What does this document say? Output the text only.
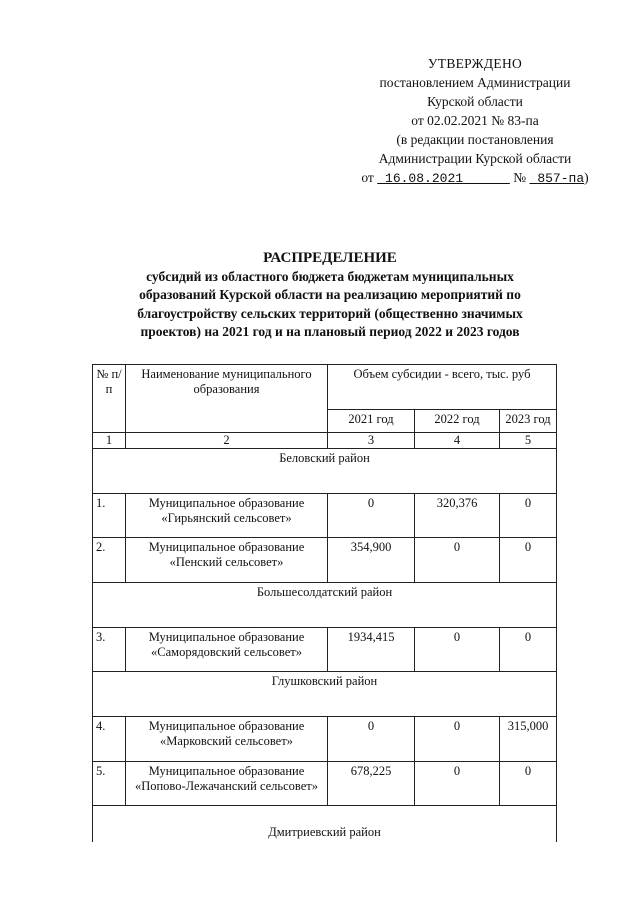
УТВЕРЖДЕНО
постановлением Администрации
Курской области
от 02.02.2021 № 83-па
(в редакции постановления
Администрации Курской области
от 16.08.2021	№ 857-па)
РАСПРЕДЕЛЕНИЕ
субсидий из областного бюджета бюджетам муниципальных
образований Курской области на реализацию мероприятий по
благоустройству сельских территорий (общественно значимых
проектов) на 2021 год и на плановый период 2022 и 2023 годов
№ п/п	Наименование муниципального образования	Объем субсидии - всего, тыс. руб		
		2021 год	2022 год	2023 год
1	2	3	4	5
Беловский район				
1.	Муниципальное образование
«Гирьянский сельсовет»	0	320,376	0
2.	Муниципальное образование
«Пенский сельсовет»	354,900	0	0
Большесолдатский район				
3.	Муниципальное образование
«Саморядовский сельсовет»	1934,415	0	0
Глушковский район				
4.	Муниципальное образование
«Марковский сельсовет»	0	0	315,000
5.	Муниципальное образование
«Попово-Лежачанский сельсовет»	678,225	0	0
Дмитриевский район				
